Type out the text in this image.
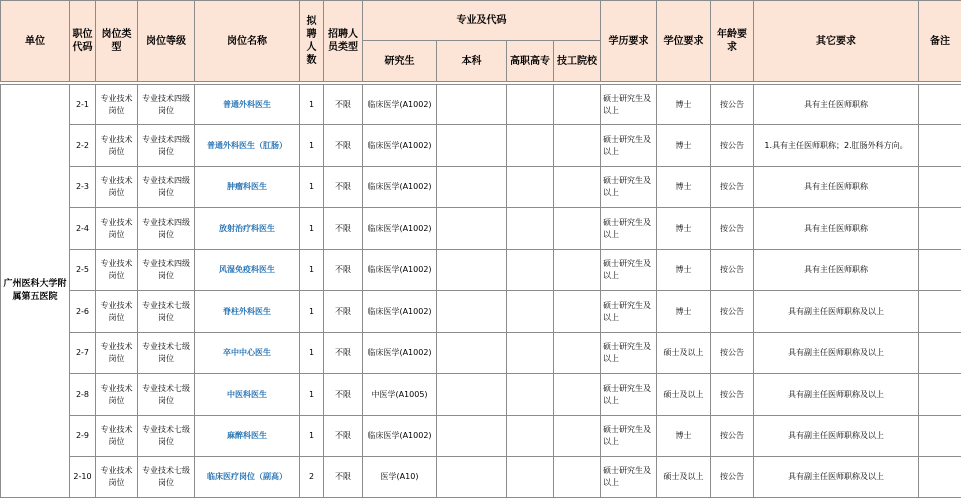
单位	职位代码	岗位类型	岗位等级	岗位名称	拟聘人数	招聘人员类型	专业及代码				学历要求	学位要求	年龄要求	其它要求	备注
							研究生	本科	高职高专	技工院校					

广州医科大学附属第五医院	2-1	专业技术岗位	专业技术四级岗位	普通外科医生	1	不限	临床医学(A1002)				硕士研究生及以上	博士	按公告	具有主任医师职称	
	2-2	专业技术岗位	专业技术四级岗位	普通外科医生（肛肠）	1	不限	临床医学(A1002)				硕士研究生及以上	博士	按公告	1.具有主任医师职称；2.肛肠外科方向。	
	2-3	专业技术岗位	专业技术四级岗位	肿瘤科医生	1	不限	临床医学(A1002)				硕士研究生及以上	博士	按公告	具有主任医师职称	
	2-4	专业技术岗位	专业技术四级岗位	放射治疗科医生	1	不限	临床医学(A1002)				硕士研究生及以上	博士	按公告	具有主任医师职称	
	2-5	专业技术岗位	专业技术四级岗位	风湿免疫科医生	1	不限	临床医学(A1002)				硕士研究生及以上	博士	按公告	具有主任医师职称	
	2-6	专业技术岗位	专业技术七级岗位	脊柱外科医生	1	不限	临床医学(A1002)				硕士研究生及以上	博士	按公告	具有副主任医师职称及以上	
	2-7	专业技术岗位	专业技术七级岗位	卒中中心医生	1	不限	临床医学(A1002)				硕士研究生及以上	硕士及以上	按公告	具有副主任医师职称及以上	
	2-8	专业技术岗位	专业技术七级岗位	中医科医生	1	不限	中医学(A1005)				硕士研究生及以上	硕士及以上	按公告	具有副主任医师职称及以上	
	2-9	专业技术岗位	专业技术七级岗位	麻醉科医生	1	不限	临床医学(A1002)				硕士研究生及以上	博士	按公告	具有副主任医师职称及以上	
	2-10	专业技术岗位	专业技术七级岗位	临床医疗岗位（副高）	2	不限	医学(A10)				硕士研究生及以上	硕士及以上	按公告	具有副主任医师职称及以上	
